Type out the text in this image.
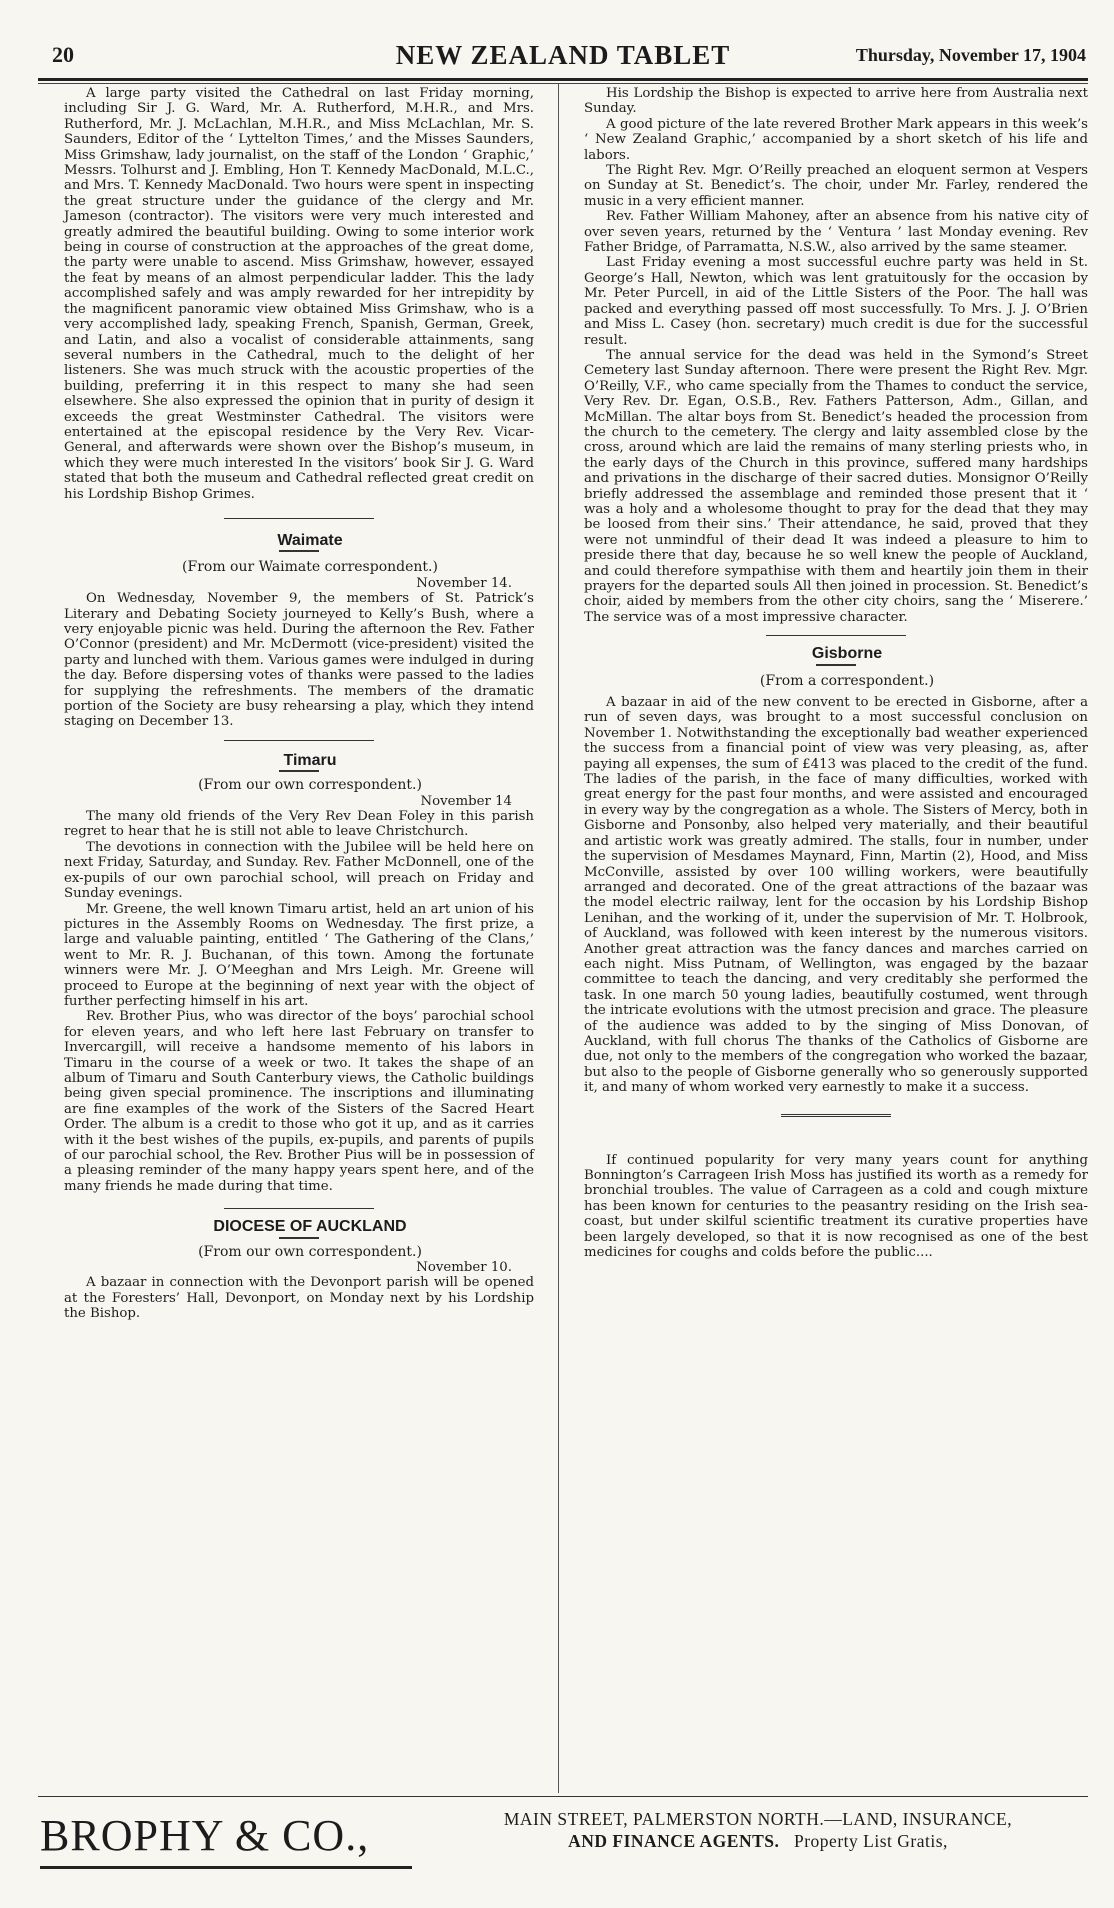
20	NEW ZEALAND TABLET	Thursday, November 17, 1904

A large party visited the Cathedral on last Friday morning, including Sir J. G. Ward, Mr. A. Rutherford, M.H.R., and Mrs. Rutherford, Mr. J. McLachlan, M.H.R., and Miss McLachlan, Mr. S. Saunders, Editor of the ‘ Lyttelton Times,’ and the Misses Saunders, Miss Grimshaw, lady journalist, on the staff of the London ‘ Graphic,’ Messrs. Tolhurst and J. Embling, Hon T. Kennedy MacDonald, M.L.C., and Mrs. T. Kennedy MacDonald. Two hours were spent in inspecting the great structure under the guidance of the clergy and Mr. Jameson (contractor). The visitors were very much interested and greatly admired the beautiful building. Owing to some interior work being in course of construction at the approaches of the great dome, the party were unable to ascend. Miss Grimshaw, however, essayed the feat by means of an almost perpendicular ladder. This the lady accomplished safely and was amply rewarded for her intrepidity by the magnificent panoramic view obtained Miss Grimshaw, who is a very accomplished lady, speaking French, Spanish, German, Greek, and Latin, and also a vocalist of considerable attainments, sang several numbers in the Cathedral, much to the delight of her listeners. She was much struck with the acoustic properties of the building, preferring it in this respect to many she had seen elsewhere. She also expressed the opinion that in purity of design it exceeds the great Westminster Cathedral. The visitors were entertained at the episcopal residence by the Very Rev. Vicar-General, and afterwards were shown over the Bishop’s museum, in which they were much interested In the visitors’ book Sir J. G. Ward stated that both the museum and Cathedral reflected great credit on his Lordship Bishop Grimes.

Waimate

(From our Waimate correspondent.)

November 14.

On Wednesday, November 9, the members of St. Patrick’s Literary and Debating Society journeyed to Kelly’s Bush, where a very enjoyable picnic was held. During the afternoon the Rev. Father O’Connor (president) and Mr. McDermott (vice-president) visited the party and lunched with them. Various games were indulged in during the day. Before dispersing votes of thanks were passed to the ladies for supplying the refreshments. The members of the dramatic portion of the Society are busy rehearsing a play, which they intend staging on December 13.

Timaru

(From our own correspondent.)

November 14

The many old friends of the Very Rev Dean Foley in this parish regret to hear that he is still not able to leave Christchurch.

The devotions in connection with the Jubilee will be held here on next Friday, Saturday, and Sunday. Rev. Father McDonnell, one of the ex-pupils of our own parochial school, will preach on Friday and Sunday evenings.

Mr. Greene, the well known Timaru artist, held an art union of his pictures in the Assembly Rooms on Wednesday. The first prize, a large and valuable painting, entitled ‘ The Gathering of the Clans,’ went to Mr. R. J. Buchanan, of this town. Among the fortunate winners were Mr. J. O’Meeghan and Mrs Leigh. Mr. Greene will proceed to Europe at the beginning of next year with the object of further perfecting himself in his art.

Rev. Brother Pius, who was director of the boys’ parochial school for eleven years, and who left here last February on transfer to Invercargill, will receive a handsome memento of his labors in Timaru in the course of a week or two. It takes the shape of an album of Timaru and South Canterbury views, the Catholic buildings being given special prominence. The inscriptions and illuminating are fine examples of the work of the Sisters of the Sacred Heart Order. The album is a credit to those who got it up, and as it carries with it the best wishes of the pupils, ex-pupils, and parents of pupils of our parochial school, the Rev. Brother Pius will be in possession of a pleasing reminder of the many happy years spent here, and of the many friends he made during that time.

DIOCESE OF AUCKLAND

(From our own correspondent.)

November 10.

A bazaar in connection with the Devonport parish will be opened at the Foresters’ Hall, Devonport, on Monday next by his Lordship the Bishop.

His Lordship the Bishop is expected to arrive here from Australia next Sunday.

A good picture of the late revered Brother Mark appears in this week’s ‘ New Zealand Graphic,’ accompanied by a short sketch of his life and labors.

The Right Rev. Mgr. O’Reilly preached an eloquent sermon at Vespers on Sunday at St. Benedict’s. The choir, under Mr. Farley, rendered the music in a very efficient manner.

Rev. Father William Mahoney, after an absence from his native city of over seven years, returned by the ‘ Ventura ’ last Monday evening. Rev Father Bridge, of Parramatta, N.S.W., also arrived by the same steamer.

Last Friday evening a most successful euchre party was held in St. George’s Hall, Newton, which was lent gratuitously for the occasion by Mr. Peter Purcell, in aid of the Little Sisters of the Poor. The hall was packed and everything passed off most successfully. To Mrs. J. J. O’Brien and Miss L. Casey (hon. secretary) much credit is due for the successful result.

The annual service for the dead was held in the Symond’s Street Cemetery last Sunday afternoon. There were present the Right Rev. Mgr. O’Reilly, V.F., who came specially from the Thames to conduct the service, Very Rev. Dr. Egan, O.S.B., Rev. Fathers Patterson, Adm., Gillan, and McMillan. The altar boys from St. Benedict’s headed the procession from the church to the cemetery. The clergy and laity assembled close by the cross, around which are laid the remains of many sterling priests who, in the early days of the Church in this province, suffered many hardships and privations in the discharge of their sacred duties. Monsignor O’Reilly briefly addressed the assemblage and reminded those present that it ‘ was a holy and a wholesome thought to pray for the dead that they may be loosed from their sins.’ Their attendance, he said, proved that they were not unmindful of their dead It was indeed a pleasure to him to preside there that day, because he so well knew the people of Auckland, and could therefore sympathise with them and heartily join them in their prayers for the departed souls All then joined in procession. St. Benedict’s choir, aided by members from the other city choirs, sang the ‘ Miserere.’ The service was of a most impressive character.

Gisborne

(From a correspondent.)

A bazaar in aid of the new convent to be erected in Gisborne, after a run of seven days, was brought to a most successful conclusion on November 1. Notwithstanding the exceptionally bad weather experienced the success from a financial point of view was very pleasing, as, after paying all expenses, the sum of £413 was placed to the credit of the fund. The ladies of the parish, in the face of many difficulties, worked with great energy for the past four months, and were assisted and encouraged in every way by the congregation as a whole. The Sisters of Mercy, both in Gisborne and Ponsonby, also helped very materially, and their beautiful and artistic work was greatly admired. The stalls, four in number, under the supervision of Mesdames Maynard, Finn, Martin (2), Hood, and Miss McConville, assisted by over 100 willing workers, were beautifully arranged and decorated. One of the great attractions of the bazaar was the model electric railway, lent for the occasion by his Lordship Bishop Lenihan, and the working of it, under the supervision of Mr. T. Holbrook, of Auckland, was followed with keen interest by the numerous visitors. Another great attraction was the fancy dances and marches carried on each night. Miss Putnam, of Wellington, was engaged by the bazaar committee to teach the dancing, and very creditably she performed the task. In one march 50 young ladies, beautifully costumed, went through the intricate evolutions with the utmost precision and grace. The pleasure of the audience was added to by the singing of Miss Donovan, of Auckland, with full chorus The thanks of the Catholics of Gisborne are due, not only to the members of the congregation who worked the bazaar, but also to the people of Gisborne generally who so generously supported it, and many of whom worked very earnestly to make it a success.

If continued popularity for very many years count for anything Bonnington’s Carrageen Irish Moss has justified its worth as a remedy for bronchial troubles. The value of Carrageen as a cold and cough mixture has been known for centuries to the peasantry residing on the Irish sea-coast, but under skilful scientific treatment its curative properties have been largely developed, so that it is now recognised as one of the best medicines for coughs and colds before the public....

BROPHY & CO.,	MAIN STREET, PALMERSTON NORTH.—LAND, INSURANCE,
AND FINANCE AGENTS. Property List Gratis,
